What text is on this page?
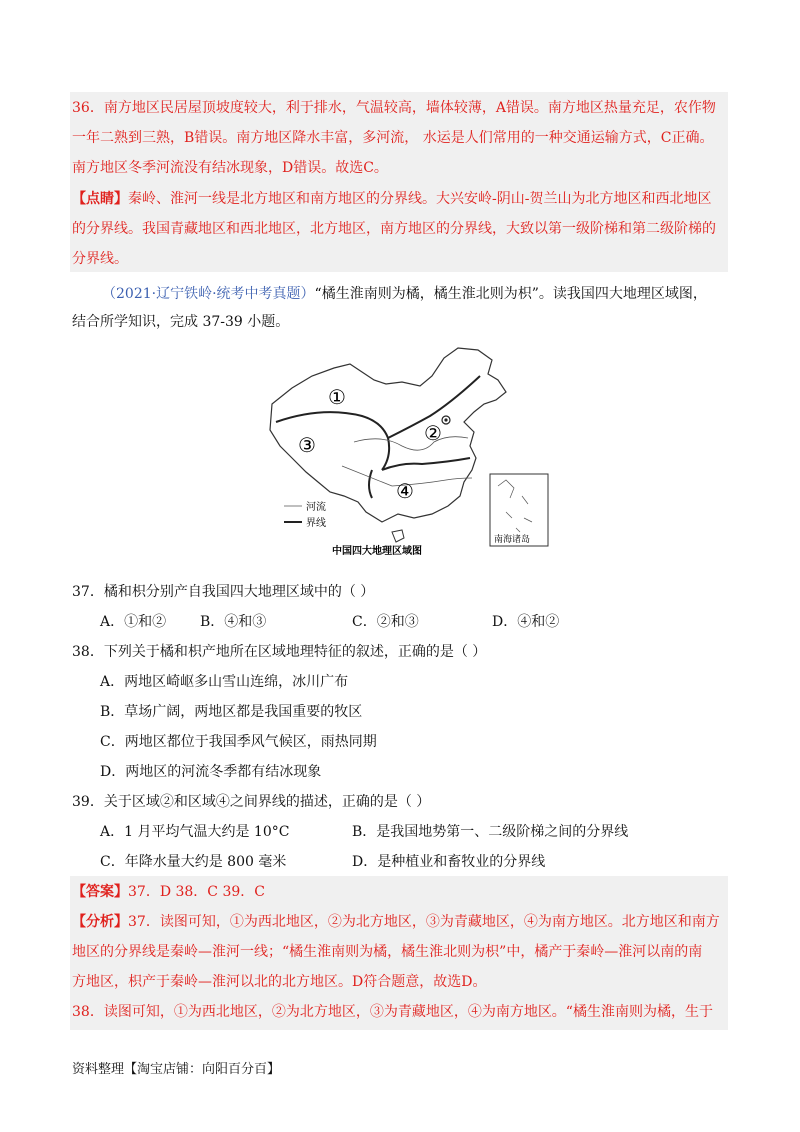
36．南方地区民居屋顶坡度较大，利于排水，气温较高，墙体较薄，A错误。南方地区热量充足，农作物
一年二熟到三熟，B错误。南方地区降水丰富，多河流， 水运是人们常用的一种交通运输方式，C正确。
南方地区冬季河流没有结冰现象，D错误。故选C。
【点睛】秦岭、淮河一线是北方地区和南方地区的分界线。大兴安岭-阴山-贺兰山为北方地区和西北地区
的分界线。我国青藏地区和西北地区，北方地区，南方地区的分界线，大致以第一级阶梯和第二级阶梯的
分界线。
（2021·辽宁铁岭·统考中考真题）“橘生淮南则为橘，橘生淮北则为枳”。读我国四大地理区域图，
结合所学知识，完成 37-39 小题。
①
②
③
④
河流
界线
中国四大地理区域图
南海诸岛
37．橘和枳分别产自我国四大地理区域中的（ ）
A．①和② B．④和③	C．②和③	D．④和②
38．下列关于橘和枳产地所在区域地理特征的叙述，正确的是（ ）
A．两地区崎岖多山雪山连绵，冰川广布
B．草场广阔，两地区都是我国重要的牧区
C．两地区都位于我国季风气候区，雨热同期
D．两地区的河流冬季都有结冰现象
39．关于区域②和区域④之间界线的描述，正确的是（ ）
A．1 月平均气温大约是 10°C	B．是我国地势第一、二级阶梯之间的分界线
C．年降水量大约是 800 毫米	D．是种植业和畜牧业的分界线
【答案】37．D 38．C 39．C
【分析】37．读图可知，①为西北地区，②为北方地区，③为青藏地区，④为南方地区。北方地区和南方
地区的分界线是秦岭—淮河一线；“橘生淮南则为橘，橘生淮北则为枳”中，橘产于秦岭—淮河以南的南
方地区，枳产于秦岭—淮河以北的北方地区。D符合题意，故选D。
38．读图可知，①为西北地区，②为北方地区，③为青藏地区，④为南方地区。“橘生淮南则为橘，生于
资料整理【淘宝店铺：向阳百分百】
